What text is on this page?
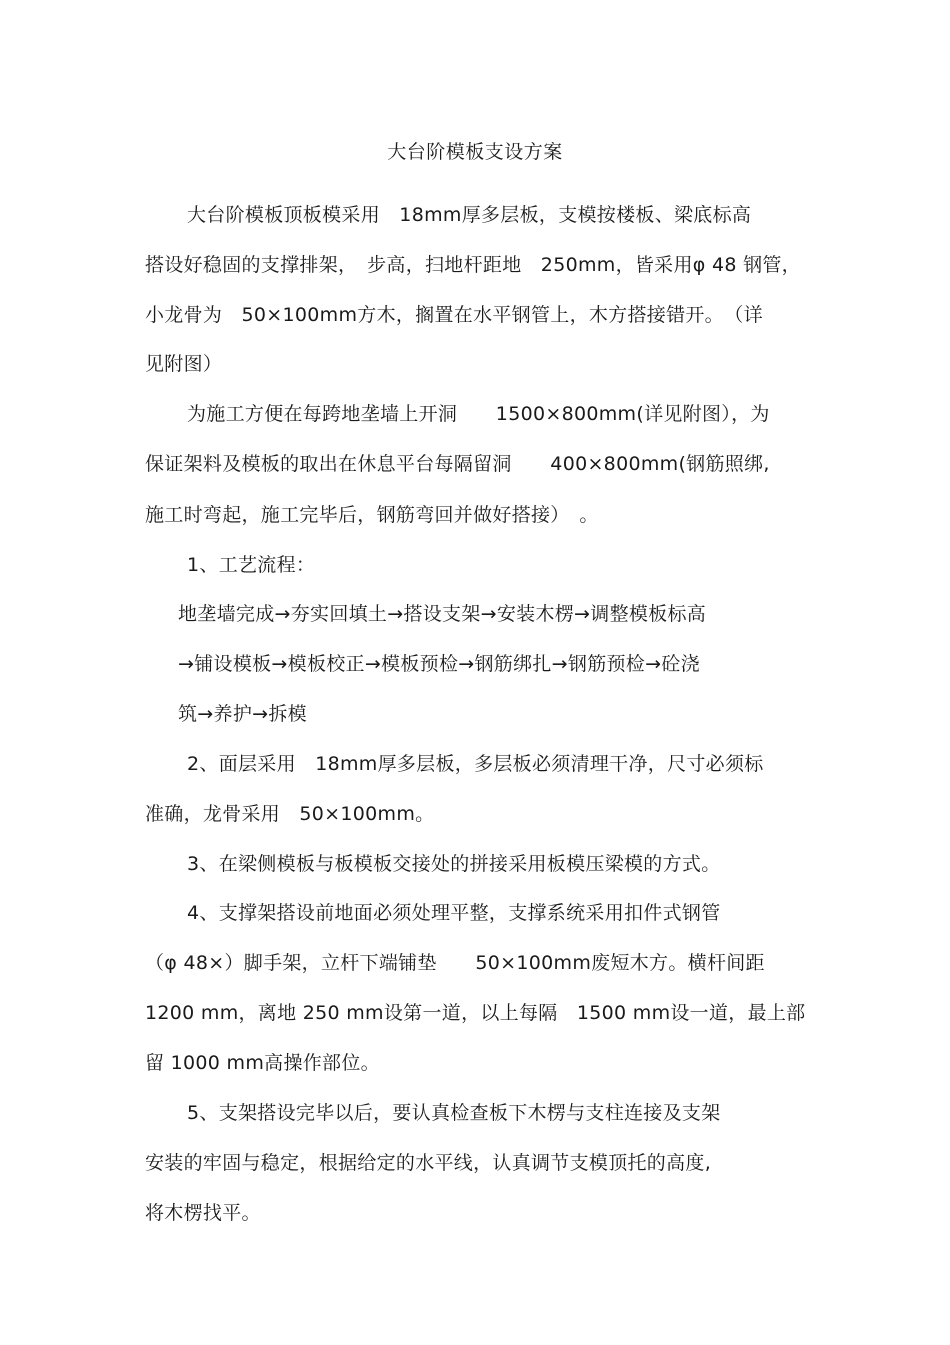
大台阶模板支设方案
大台阶模板顶板模采用　18mm厚多层板，支模按楼板、梁底标高
搭设好稳固的支撑排架，　步高，扫地杆距地　250mm，皆采用φ 48 钢管，
小龙骨为　50×100mm方木，搁置在水平钢管上，木方搭接错开。　（详
见附图）
为施工方便在每跨地垄墙上开洞　　1500×800mm(详见附图），为
保证架料及模板的取出在休息平台每隔留洞　　400×800mm(钢筋照绑,
施工时弯起，施工完毕后，钢筋弯回并做好搭接）　。
1、工艺流程：
地垄墙完成→夯实回填土→搭设支架→安装木楞→调整模板标高
→铺设模板→模板校正→模板预检→钢筋绑扎→钢筋预检→砼浇
筑→养护→拆模
2、面层采用　18mm厚多层板，多层板必须清理干净，尺寸必须标
准确，龙骨采用　50×100mm。
3、在梁侧模板与板模板交接处的拼接采用板模压梁模的方式。
4、支撑架搭设前地面必须处理平整，支撑系统采用扣件式钢管
（φ 48×）脚手架，立杆下端铺垫　　50×100mm废短木方。横杆间距
1200 mm，离地 250 mm设第一道，以上每隔　1500 mm设一道，最上部
留 1000 mm高操作部位。
5、支架搭设完毕以后，要认真检查板下木楞与支柱连接及支架
安装的牢固与稳定，根据给定的水平线，认真调节支模顶托的高度,
将木楞找平。
